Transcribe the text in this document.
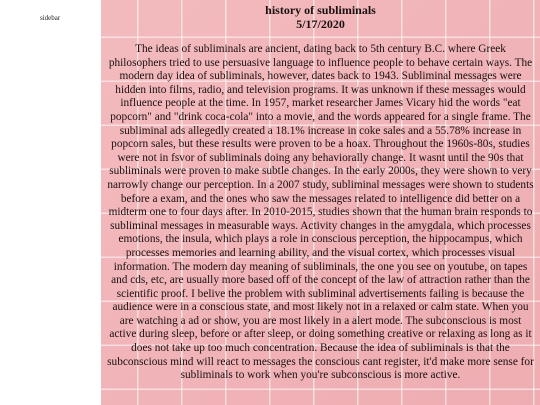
sidebar

history of subliminals

5/17/2020

The ideas of subliminals are ancient, dating back to 5th century B.C. where Greek philosophers tried to use persuasive language to influence people to behave certain ways. The modern day idea of subliminals, however, dates back to 1943. Subliminal messages were hidden into films, radio, and television programs. It was unknown if these messages would influence people at the time. In 1957, market researcher James Vicary hid the words "eat popcorn" and "drink coca-cola" into a movie, and the words appeared for a single frame. The subliminal ads allegedly created a 18.1% increase in coke sales and a 55.78% increase in popcorn sales, but these results were proven to be a hoax. Throughout the 1960s-80s, studies were not in fsvor of subliminals doing any behaviorally change. It wasnt until the 90s that subliminals were proven to make subtle changes. In the early 2000s, they were shown to very narrowly change our perception. In a 2007 study, subliminal messages were shown to students before a exam, and the ones who saw the messages related to intelligence did better on a midterm one to four days after. In 2010-2015, studies shown that the human brain responds to subliminal messages in measurable ways. Activity changes in the amygdala, which processes emotions, the insula, which plays a role in conscious perception, the hippocampus, which processes memories and learning ability, and the visual cortex, which processes visual information. The modern day meaning of subliminals, the one you see on youtube, on tapes and cds, etc, are usually more based off of the concept of the law of attraction rather than the scientific proof. I belive the problem with subliminal advertisements failing is because the audience were in a conscious state, and most likely not in a relaxed or calm state. When you are watching a ad or show, you are most likely in a alert mode. The subconscious is most active during sleep, before or after sleep, or doing something creative or relaxing as long as it does not take up too much concentration. Because the idea of subliminals is that the subconscious mind will react to messages the conscious cant register, it'd make more sense for subliminals to work when you're subconscious is more active.
